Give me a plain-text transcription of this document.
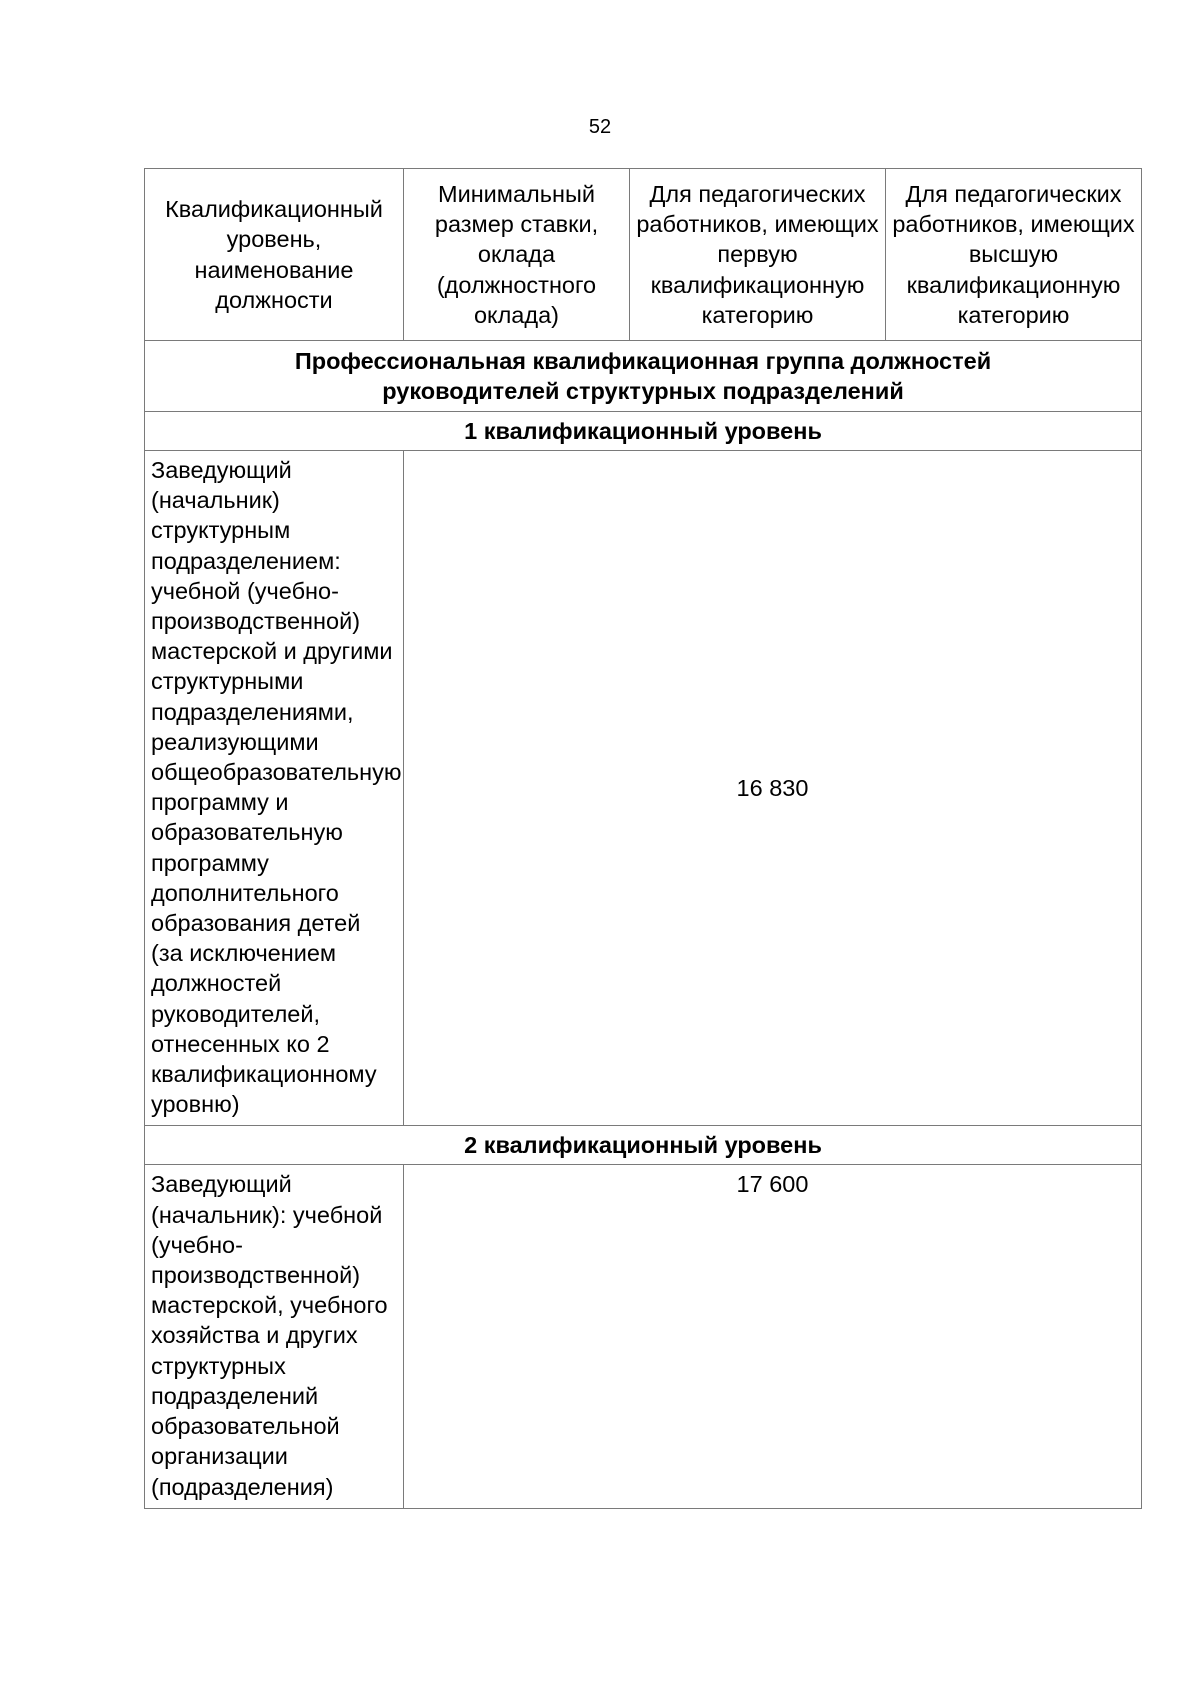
52
Квалификационный уровень, наименование должности	Минимальный размер ставки, оклада (должностного оклада)	Для педагогических работников, имеющих первую квалификационную категорию	Для педагогических работников, имеющих высшую квалификационную категорию
Профессиональная квалификационная группа должностей
руководителей структурных подразделений			
1 квалификационный уровень			
Заведующий (начальник) структурным подразделением: учебной (учебно-производственной) мастерской и другими структурными подразделениями, реализующими общеобразовательную программу и образовательную программу дополнительного образования детей (за исключением должностей руководителей, отнесенных ко 2 квалификационному уровню)	16 830		
2 квалификационный уровень			
Заведующий (начальник): учебной (учебно-производственной) мастерской, учебного хозяйства и других структурных подразделений образовательной организации (подразделения)	17 600		
